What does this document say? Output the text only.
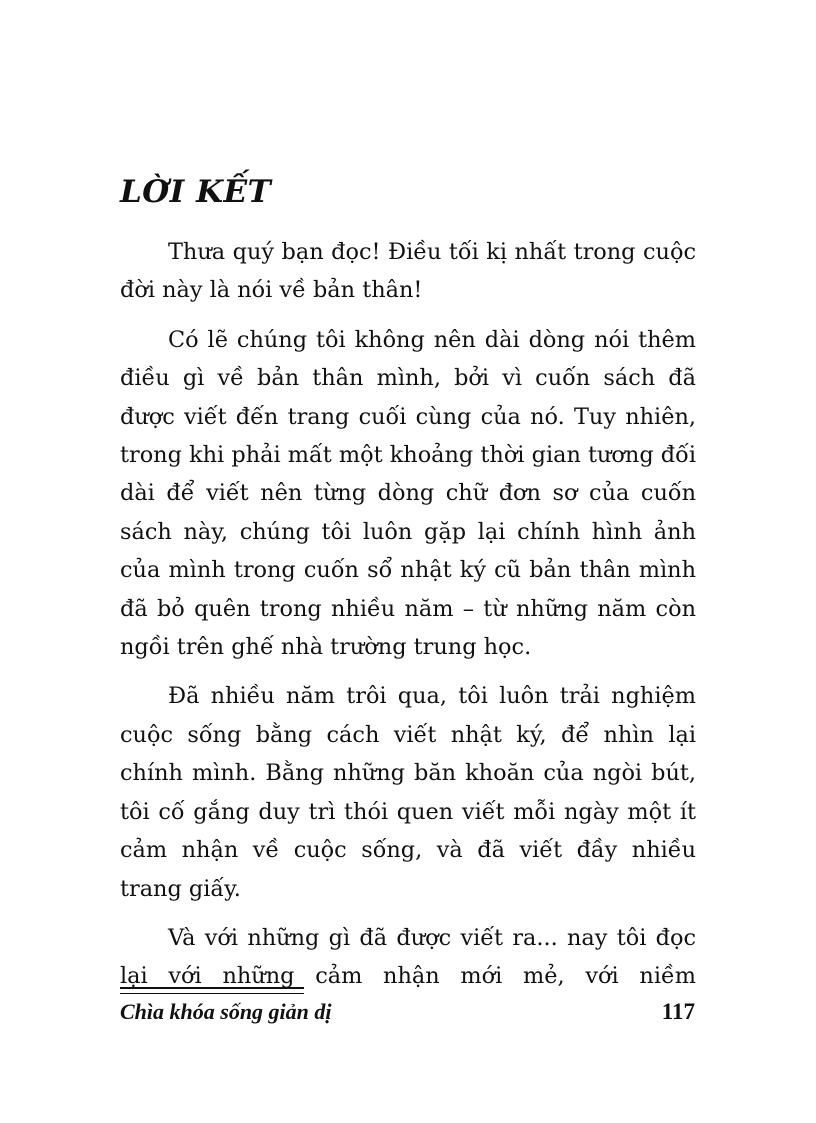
LỜI KẾT

Thưa quý bạn đọc! Điều tối kị nhất trong cuộc đời này là nói về bản thân!

Có lẽ chúng tôi không nên dài dòng nói thêm điều gì về bản thân mình, bởi vì cuốn sách đã được viết đến trang cuối cùng của nó. Tuy nhiên, trong khi phải mất một khoảng thời gian tương đối dài để viết nên từng dòng chữ đơn sơ của cuốn sách này, chúng tôi luôn gặp lại chính hình ảnh của mình trong cuốn sổ nhật ký cũ bản thân mình đã bỏ quên trong nhiều năm – từ những năm còn ngồi trên ghế nhà trường trung học.

Đã nhiều năm trôi qua, tôi luôn trải nghiệm cuộc sống bằng cách viết nhật ký, để nhìn lại chính mình. Bằng những băn khoăn của ngòi bút, tôi cố gắng duy trì thói quen viết mỗi ngày một ít cảm nhận về cuộc sống, và đã viết đầy nhiều trang giấy.

Và với những gì đã được viết ra... nay tôi đọc lại với những cảm nhận mới mẻ, với niềm

Chìa khóa sống giản dị	117
